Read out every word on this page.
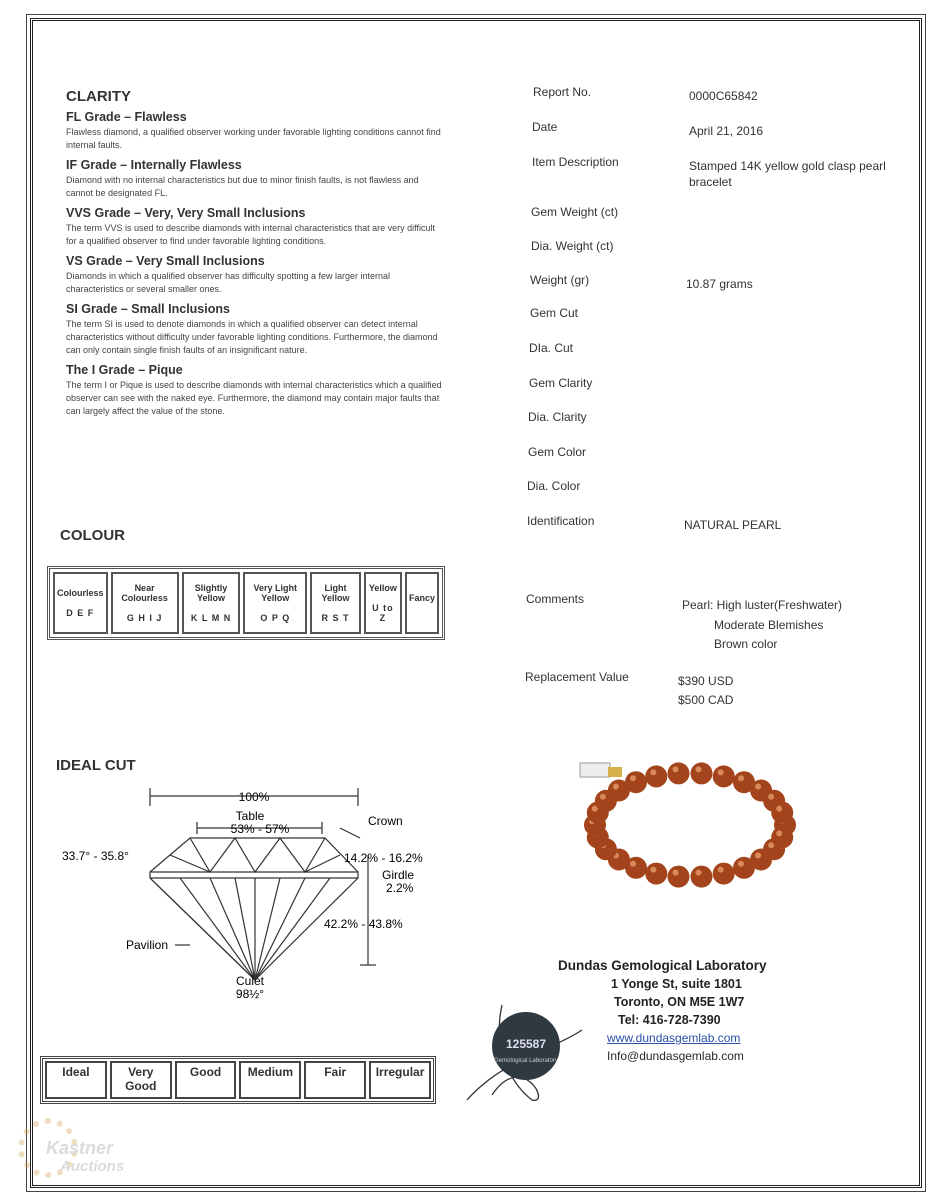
CLARITY
FL Grade – Flawless
Flawless diamond, a qualified observer working under favorable lighting conditions cannot find internal faults.
IF Grade – Internally Flawless
Diamond with no internal characteristics but due to minor finish faults, is not flawless and cannot be designated FL.
VVS Grade – Very, Very Small Inclusions
The term VVS is used to describe diamonds with internal characteristics that are very difficult for a qualified observer to find under favorable lighting conditions.
VS Grade – Very Small Inclusions
Diamonds in which a qualified observer has difficulty spotting a few larger internal characteristics or several smaller ones.
SI Grade – Small Inclusions
The term SI is used to denote diamonds in which a qualified observer can detect internal characteristics without difficulty under favorable lighting conditions. Furthermore, the diamond can only contain single finish faults of an insignificant nature.
The I Grade – Pique
The term I or Pique is used to describe diamonds with internal characteristics which a qualified observer can see with the naked eye. Furthermore, the diamond may contain major faults that can largely affect the value of the stone.
COLOUR
Colourless
D E F

Near Colourless
G H I J

Slightly Yellow
K L M N

Very Light Yellow
O P Q

Light Yellow
R S T

Yellow
U to Z

Fancy
IDEAL CUT
100%
Table
53% - 57%
Crown
33.7° - 35.8°	14.2% - 16.2%
Girdle
2.2%
42.2% - 43.8%
Pavilion
Culet
98½°
Ideal	Very Good
Good	Medium	Fair	Irregular
Report No.	0000C65842
Date	April 21, 2016
Item Description	Stamped 14K yellow gold clasp pearl bracelet
Gem Weight (ct)
Dia. Weight (ct)
Weight (gr)	10.87 grams
Gem Cut
DIa. Cut
Gem Clarity
Dia. Clarity
Gem Color
Dia. Color
Identification	NATURAL PEARL
Comments	Pearl: High luster(Freshwater)
Moderate Blemishes
Brown color
Replacement Value	$390 USD
$500 CAD
Dundas Gemological Laboratory
1 Yonge St, suite 1801
Toronto, ON M5E 1W7
Tel: 416-728-7390
www.dundasgemlab.com
Info@dundasgemlab.com
125587
Gemological Laboratory
Kastner
Auctions
